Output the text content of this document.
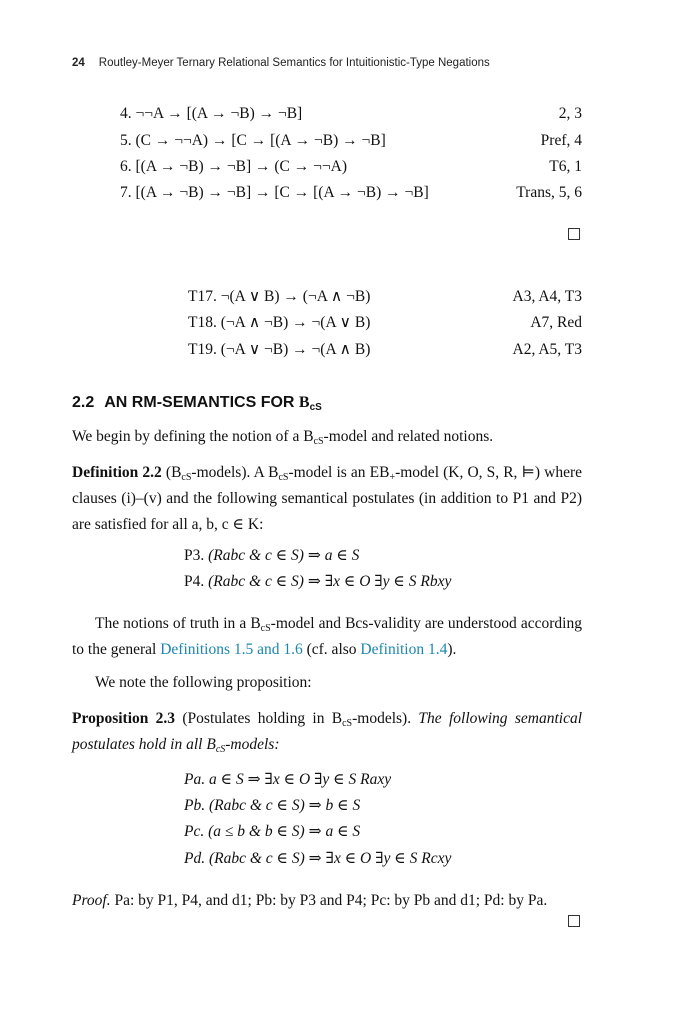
24 Routley-Meyer Ternary Relational Semantics for Intuitionistic-Type Negations
4. ¬¬A → [(A → ¬B) → ¬B]	2, 3
5. (C → ¬¬A) → [C → [(A → ¬B) → ¬B]	Pref, 4
6. [(A → ¬B) → ¬B] → (C → ¬¬A)	T6, 1
7. [(A → ¬B) → ¬B] → [C → [(A → ¬B) → ¬B]	Trans, 5, 6
T17. ¬(A ∨ B) → (¬A ∧ ¬B)	A3, A4, T3
T18. (¬A ∧ ¬B) → ¬(A ∨ B)	A7, Red
T19. (¬A ∨ ¬B) → ¬(A ∧ B)	A2, A5, T3
2.2 AN RM-SEMANTICS FOR $B_{cS}$
We begin by defining the notion of a $B_{cS}$-model and related notions.
Definition 2.2 $(B_{cS}-models)$. A $B_{cS}$-model is an $EB_+$-model (K, O, S, R, ⊨) where clauses (i)–(v) and the following semantical postulates (in addition to P1 and P2) are satisfied for all a, b, c ∈ K:
P3. (Rabc & c ∈ S) ⇒ a ∈ S
P4. (Rabc & c ∈ S) ⇒ ∃x ∈ O ∃y ∈ S Rbxy
The notions of truth in a $B_{cS}$-model and Bcs-validity are understood according to the general Definitions 1.5 and 1.6 (cf. also Definition 1.4).
We note the following proposition:
Proposition 2.3 (Postulates holding in $B_{cS}-models$). The following semantical postulates hold in all $B_{cS}$-models:
Pa. a ∈ S ⇒ ∃x ∈ O ∃y ∈ S Raxy
Pb. (Rabc & c ∈ S) ⇒ b ∈ S
Pc. (a ≤ b & b ∈ S) ⇒ a ∈ S
Pd. (Rabc & c ∈ S) ⇒ ∃x ∈ O ∃y ∈ S Rcxy
Proof. Pa: by P1, P4, and d1; Pb: by P3 and P4; Pc: by Pb and d1; Pd: by Pa.
